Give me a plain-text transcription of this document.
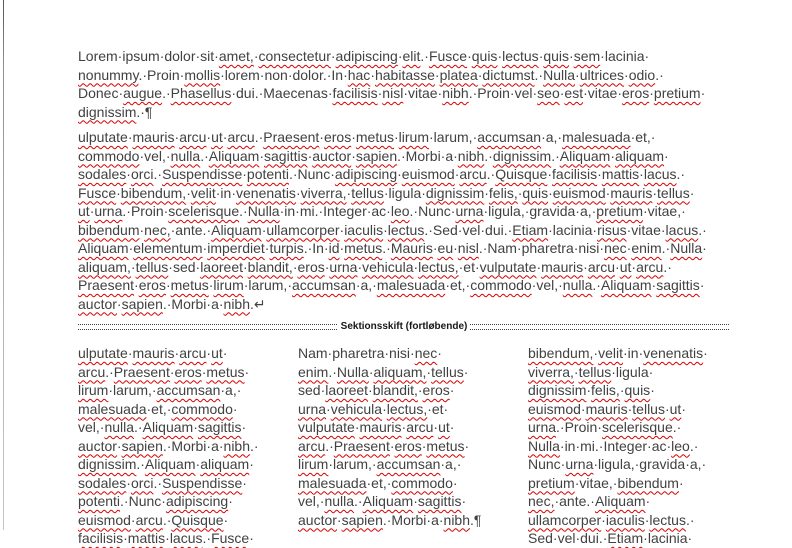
Lorem·ipsum·dolor·sit·amet,·consectetur·adipiscing·elit.·Fusce·quis·lectus·quis·sem·lacinia·
nonummy.·Proin·mollis·lorem·non·dolor.·In·hac·habitasse·platea·dictumst.·Nulla·ultrices·odio.·
Donec·augue.·Phasellus·dui.·Maecenas·facilisis·nisl·vitae·nibh.·Proin·vel·seo·est·vitae·eros·pretium·
dignissim.·¶
ulputate·mauris·arcu·ut·arcu.·Praesent·eros·metus·lirum·larum,·accumsan·a,·malesuada·et,·
commodo·vel,·nulla.·Aliquam·sagittis·auctor·sapien.·Morbi·a·nibh.·dignissim.·Aliquam·aliquam·
sodales·orci.·Suspendisse·potenti.·Nunc·adipiscing·euismod·arcu.·Quisque·facilisis·mattis·lacus.·
Fusce·bibendum,·velit·in·venenatis·viverra,·tellus·ligula·dignissim·felis,·quis·euismod·mauris·tellus·
ut·urna.·Proin·scelerisque.·Nulla·in·mi.·Integer·ac·leo.·Nunc·urna·ligula,·gravida·a,·pretium·vitae,·
bibendum·nec,·ante.·Aliquam·ullamcorper·iaculis·lectus.·Sed·vel·dui.·Etiam·lacinia·risus·vitae·lacus.·
Aliquam·elementum·imperdiet·turpis.·In·id·metus.·Mauris·eu·nisl.·Nam·pharetra·nisi·nec·enim.·Nulla·
aliquam,·tellus·sed·laoreet·blandit,·eros·urna·vehicula·lectus,·et·vulputate·mauris·arcu·ut·arcu.·
Praesent·eros·metus·lirum·larum,·accumsan·a,·malesuada·et,·commodo·vel,·nulla.·Aliquam·sagittis·
auctor·sapien.·Morbi·a·nibh.↵
Sektionsskift (fortløbende)
ulputate·mauris·arcu·ut·
arcu.·Praesent·eros·metus·
lirum·larum,·accumsan·a,·
malesuada·et,·commodo·
vel,·nulla.·Aliquam·sagittis·
auctor·sapien.·Morbi·a·nibh.·
dignissim.·Aliquam·aliquam·
sodales·orci.·Suspendisse·
potenti.·Nunc·adipiscing·
euismod·arcu.·Quisque·
facilisis·mattis·lacus.·Fusce·
Nam·pharetra·nisi·nec·
enim.·Nulla·aliquam,·tellus·
sed·laoreet·blandit,·eros·
urna·vehicula·lectus,·et·
vulputate·mauris·arcu·ut·
arcu.·Praesent·eros·metus·
lirum·larum,·accumsan·a,·
malesuada·et,·commodo·
vel,·nulla.·Aliquam·sagittis·
auctor·sapien.·Morbi·a·nibh.¶
bibendum,·velit·in·venenatis·
viverra,·tellus·ligula·
dignissim·felis,·quis·
euismod·mauris·tellus·ut·
urna.·Proin·scelerisque.·
Nulla·in·mi.·Integer·ac·leo.·
Nunc·urna·ligula,·gravida·a,·
pretium·vitae,·bibendum·
nec,·ante.·Aliquam·
ullamcorper·iaculis·lectus.·
Sed·vel·dui.·Etiam·lacinia·
